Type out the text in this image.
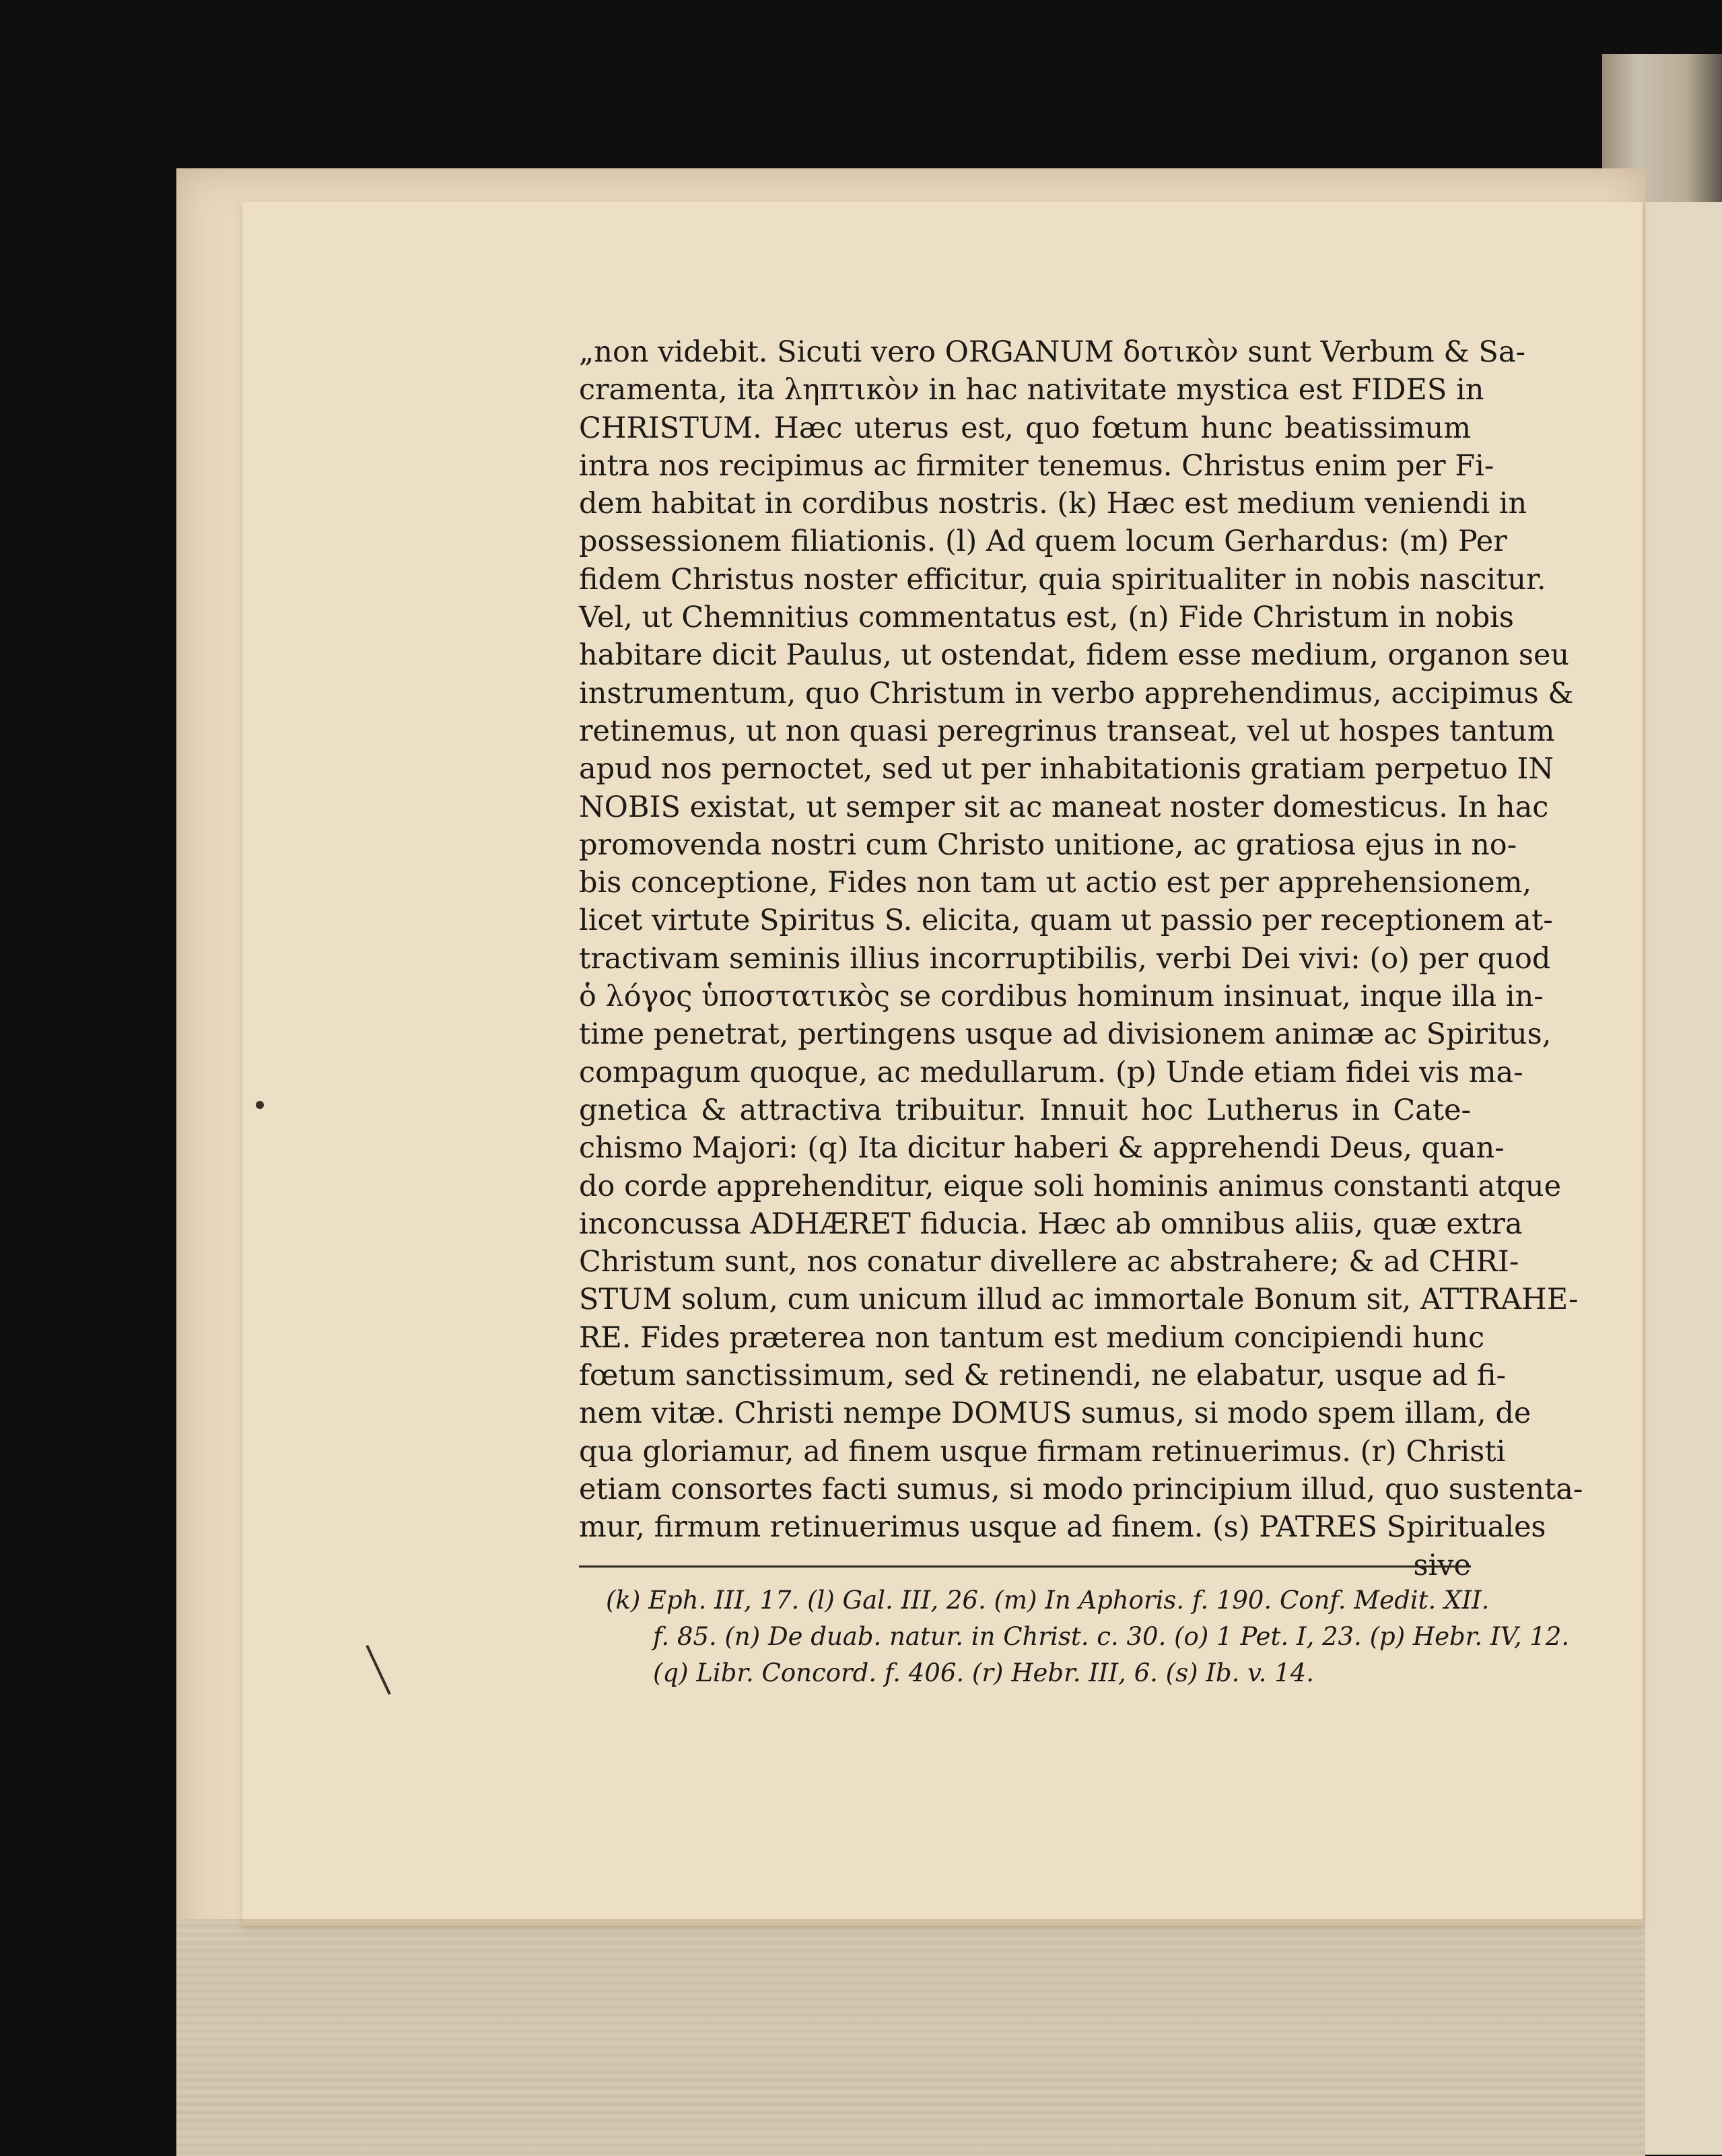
„non videbit. Sicuti vero ORGANUM δοτικὸν sunt Verbum & Sa-
cramenta, ita ληπτικὸν in hac nativitate mystica est FIDES in
CHRISTUM. Hæc uterus est, quo fœtum hunc beatissimum
intra nos recipimus ac firmiter tenemus. Christus enim per Fi-
dem habitat in cordibus nostris. (k) Hæc est medium veniendi in
possessionem filiationis. (l) Ad quem locum Gerhardus: (m) Per
fidem Christus noster efficitur, quia spiritualiter in nobis nascitur.
Vel, ut Chemnitius commentatus est, (n) Fide Christum in nobis
habitare dicit Paulus, ut ostendat, fidem esse medium, organon seu
instrumentum, quo Christum in verbo apprehendimus, accipimus &
retinemus, ut non quasi peregrinus transeat, vel ut hospes tantum
apud nos pernoctet, sed ut per inhabitationis gratiam perpetuo IN
NOBIS existat, ut semper sit ac maneat noster domesticus. In hac
promovenda nostri cum Christo unitione, ac gratiosa ejus in no-
bis conceptione, Fides non tam ut actio est per apprehensionem,
licet virtute Spiritus S. elicita, quam ut passio per receptionem at-
tractivam seminis illius incorruptibilis, verbi Dei vivi: (o) per quod
ὁ λόγος ὑποστατικὸς se cordibus hominum insinuat, inque illa in-
time penetrat, pertingens usque ad divisionem animæ ac Spiritus,
compagum quoque, ac medullarum. (p) Unde etiam fidei vis ma-
gnetica & attractiva tribuitur. Innuit hoc Lutherus in Cate-
chismo Majori: (q) Ita dicitur haberi & apprehendi Deus, quan-
do corde apprehenditur, eique soli hominis animus constanti atque
inconcussa ADHÆRET fiducia. Hæc ab omnibus aliis, quæ extra
Christum sunt, nos conatur divellere ac abstrahere; & ad CHRI-
STUM solum, cum unicum illud ac immortale Bonum sit, ATTRAHE-
RE. Fides præterea non tantum est medium concipiendi hunc
fœtum sanctissimum, sed & retinendi, ne elabatur, usque ad fi-
nem vitæ. Christi nempe DOMUS sumus, si modo spem illam, de
qua gloriamur, ad finem usque firmam retinuerimus. (r) Christi
etiam consortes facti sumus, si modo principium illud, quo sustenta-
mur, firmum retinuerimus usque ad finem. (s) PATRES Spirituales
sive
(k) Eph. III, 17. (l) Gal. III, 26. (m) In Aphoris. f. 190. Conf. Medit. XII.
f. 85. (n) De duab. natur. in Christ. c. 30. (o) 1 Pet. I, 23. (p) Hebr. IV, 12.
(q) Libr. Concord. f. 406. (r) Hebr. III, 6. (s) Ib. v. 14.
